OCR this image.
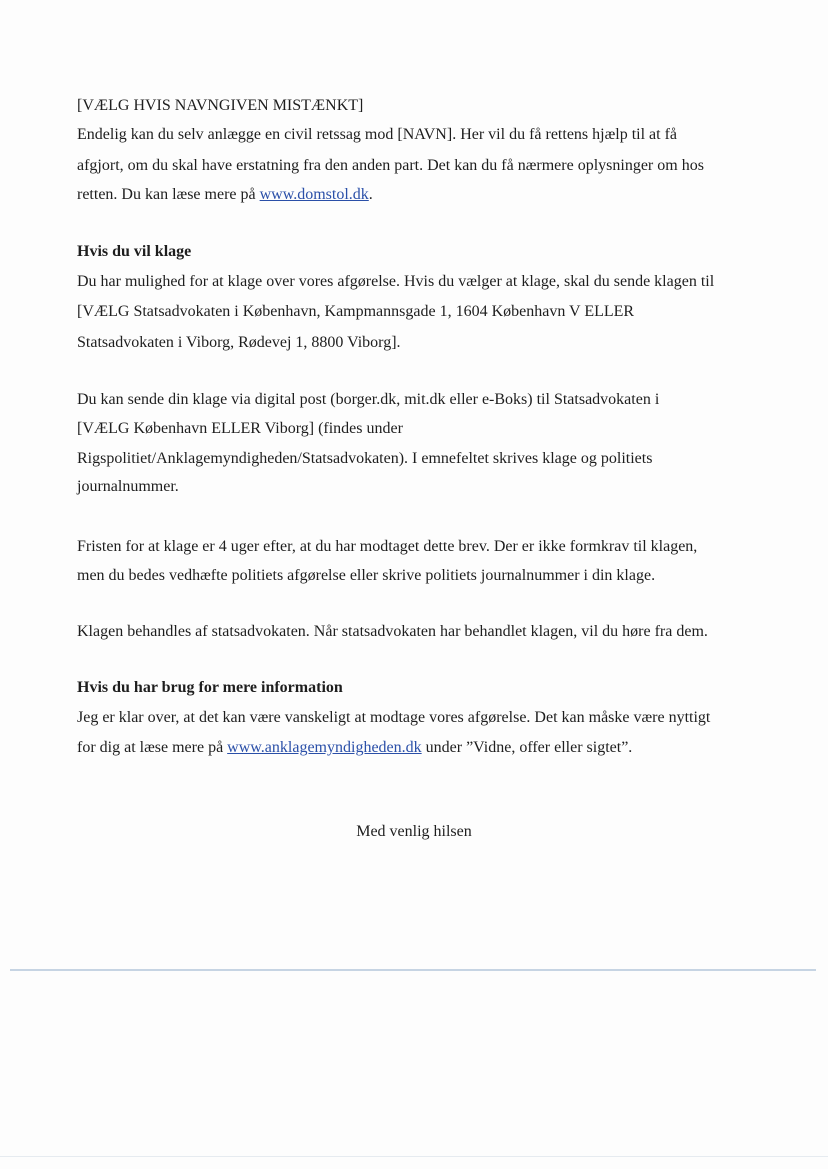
[VÆLG HVIS NAVNGIVEN MISTÆNKT]
Endelig kan du selv anlægge en civil retssag mod [NAVN]. Her vil du få rettens hjælp til at få
afgjort, om du skal have erstatning fra den anden part. Det kan du få nærmere oplysninger om hos
retten. Du kan læse mere på www.domstol.dk.
Hvis du vil klage
Du har mulighed for at klage over vores afgørelse. Hvis du vælger at klage, skal du sende klagen til
[VÆLG Statsadvokaten i København, Kampmannsgade 1, 1604 København V ELLER
Statsadvokaten i Viborg, Rødevej 1, 8800 Viborg].
Du kan sende din klage via digital post (borger.dk, mit.dk eller e-Boks) til Statsadvokaten i
[VÆLG København ELLER Viborg] (findes under
Rigspolitiet/Anklagemyndigheden/Statsadvokaten). I emnefeltet skrives klage og politiets
journalnummer.
Fristen for at klage er 4 uger efter, at du har modtaget dette brev. Der er ikke formkrav til klagen,
men du bedes vedhæfte politiets afgørelse eller skrive politiets journalnummer i din klage.
Klagen behandles af statsadvokaten. Når statsadvokaten har behandlet klagen, vil du høre fra dem.
Hvis du har brug for mere information
Jeg er klar over, at det kan være vanskeligt at modtage vores afgørelse. Det kan måske være nyttigt
for dig at læse mere på www.anklagemyndigheden.dk under ”Vidne, offer eller sigtet”.
Med venlig hilsen
